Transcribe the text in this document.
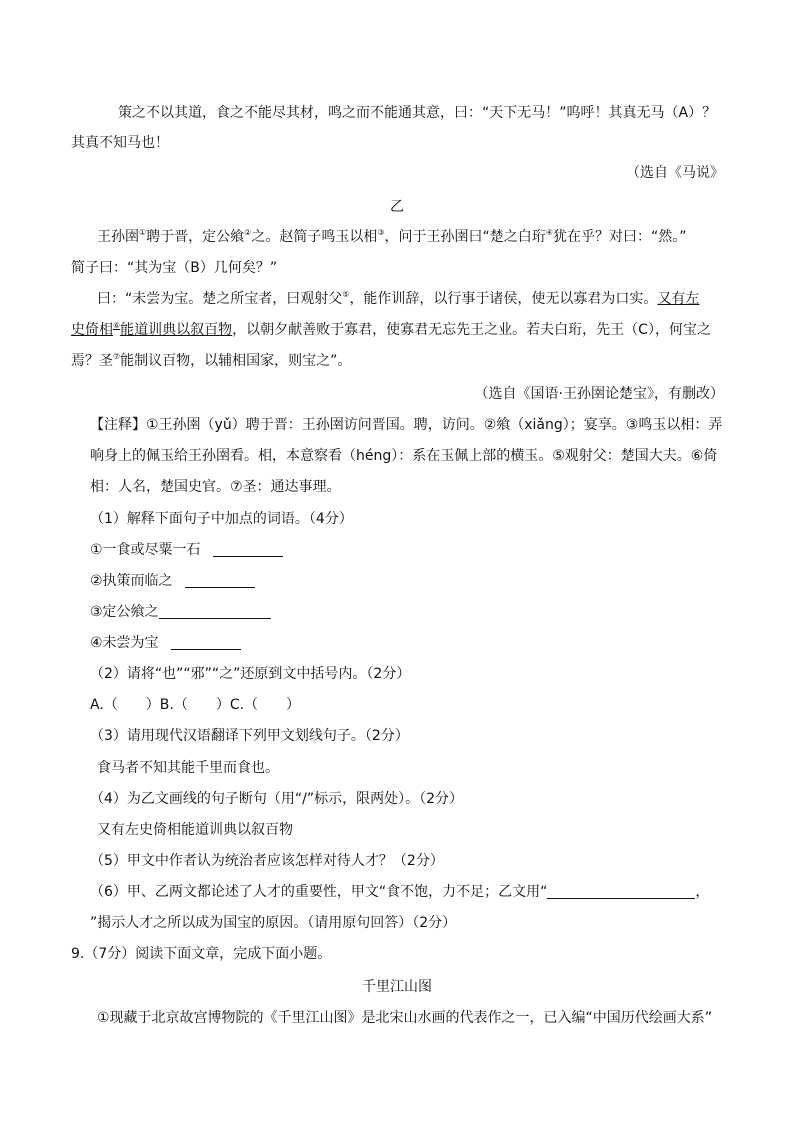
策之不以其道，食之不能尽其材，鸣之而不能通其意，曰：“天下无马！”呜呼！其真无马（A）？
其真不知马也！
（选自《马说》
乙
王孙圉①聘于晋，定公飨②之。赵简子鸣玉以相③，问于王孙圉曰“楚之白珩④犹在乎？对曰：“然。”
简子曰：“其为宝（B）几何矣？”
曰：“未尝为宝。楚之所宝者，曰观射父⑤，能作训辞，以行事于诸侯，使无以寡君为口实。又有左
史倚相⑥能道训典以叙百物，以朝夕献善败于寡君，使寡君无忘先王之业。若夫白珩，先王（C），何宝之
焉？圣⑦能制议百物，以辅相国家，则宝之”。
（选自《国语·王孙圉论楚宝》，有删改）
【注释】①王孙圉（yǔ）聘于晋：王孙圉访问晋国。聘，访问。②飨（xiǎng）；宴享。③鸣玉以相：弄
响身上的佩玉给王孙圉看。相，本意察看（héng）：系在玉佩上部的横玉。⑤观射父：楚国大夫。⑥倚
相：人名，楚国史官。⑦圣：通达事理。
（1）解释下面句子中加点的词语。（4分）
①一食或尽粟一石
②执策而临之
③定公飨之
④未尝为宝
（2）请将“也”“邪”“之”还原到文中括号内。（2分）
A.（　　）B.（　　）C.（　　）
（3）请用现代汉语翻译下列甲文划线句子。（2分）
食马者不知其能千里而食也。
（4）为乙文画线的句子断句（用“/”标示，限两处）。（2分）
又有左史倚相能道训典以叙百物
（5）甲文中作者认为统治者应该怎样对待人才？（2分）
（6）甲、乙两文都论述了人才的重要性，甲文“食不饱，力不足；乙文用“	，
”揭示人才之所以成为国宝的原因。（请用原句回答）（2分）
9.（7分）阅读下面文章，完成下面小题。
千里江山图
①现藏于北京故宫博物院的《千里江山图》是北宋山水画的代表作之一，已入编“中国历代绘画大系”
